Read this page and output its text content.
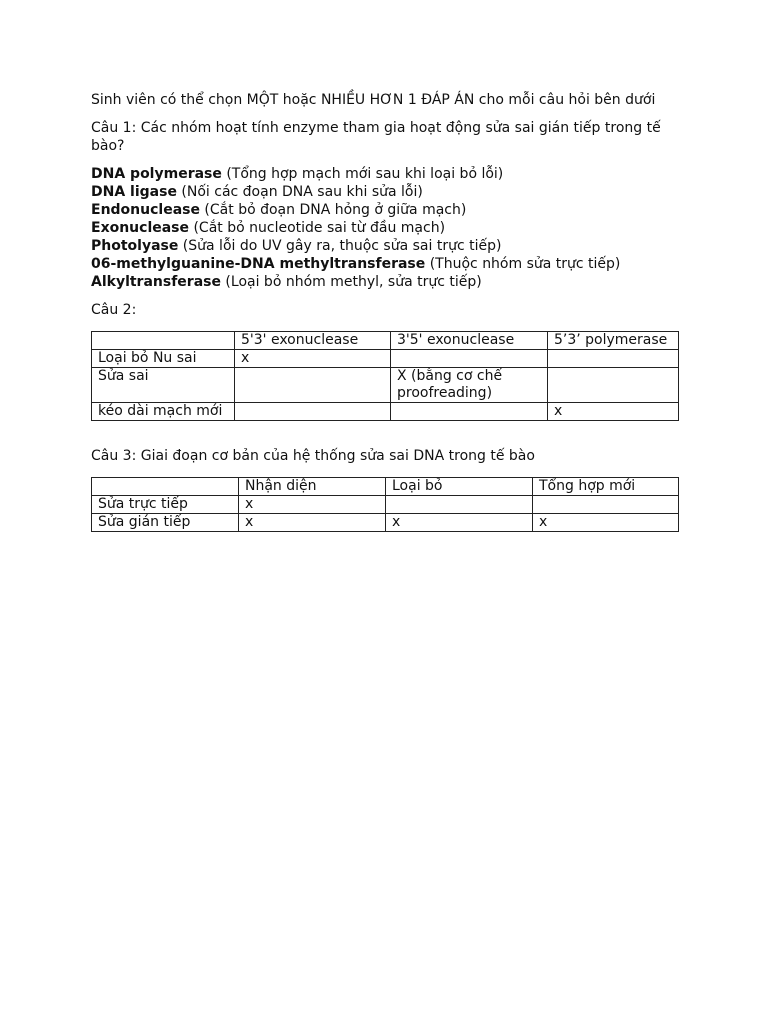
Sinh viên có thể chọn MỘT hoặc NHIỀU HƠN 1 ĐÁP ÁN cho mỗi câu hỏi bên dưới

Câu 1: Các nhóm hoạt tính enzyme tham gia hoạt động sửa sai gián tiếp trong tế bào?

DNA polymerase (Tổng hợp mạch mới sau khi loại bỏ lỗi)
DNA ligase (Nối các đoạn DNA sau khi sửa lỗi)
Endonuclease (Cắt bỏ đoạn DNA hỏng ở giữa mạch)
Exonuclease (Cắt bỏ nucleotide sai từ đầu mạch)
Photolyase (Sửa lỗi do UV gây ra, thuộc sửa sai trực tiếp)
06-methylguanine-DNA methyltransferase (Thuộc nhóm sửa trực tiếp)
Alkyltransferase (Loại bỏ nhóm methyl, sửa trực tiếp)

Câu 2:

	5'3' exonuclease	3'5' exonuclease	5’3’ polymerase
Loại bỏ Nu sai	x		
Sửa sai		X (bằng cơ chế proofreading)	
kéo dài mạch mới			x

Câu 3: Giai đoạn cơ bản của hệ thống sửa sai DNA trong tế bào

	Nhận diện	Loại bỏ	Tổng hợp mới
Sửa trực tiếp	x		
Sửa gián tiếp	x	x	x
